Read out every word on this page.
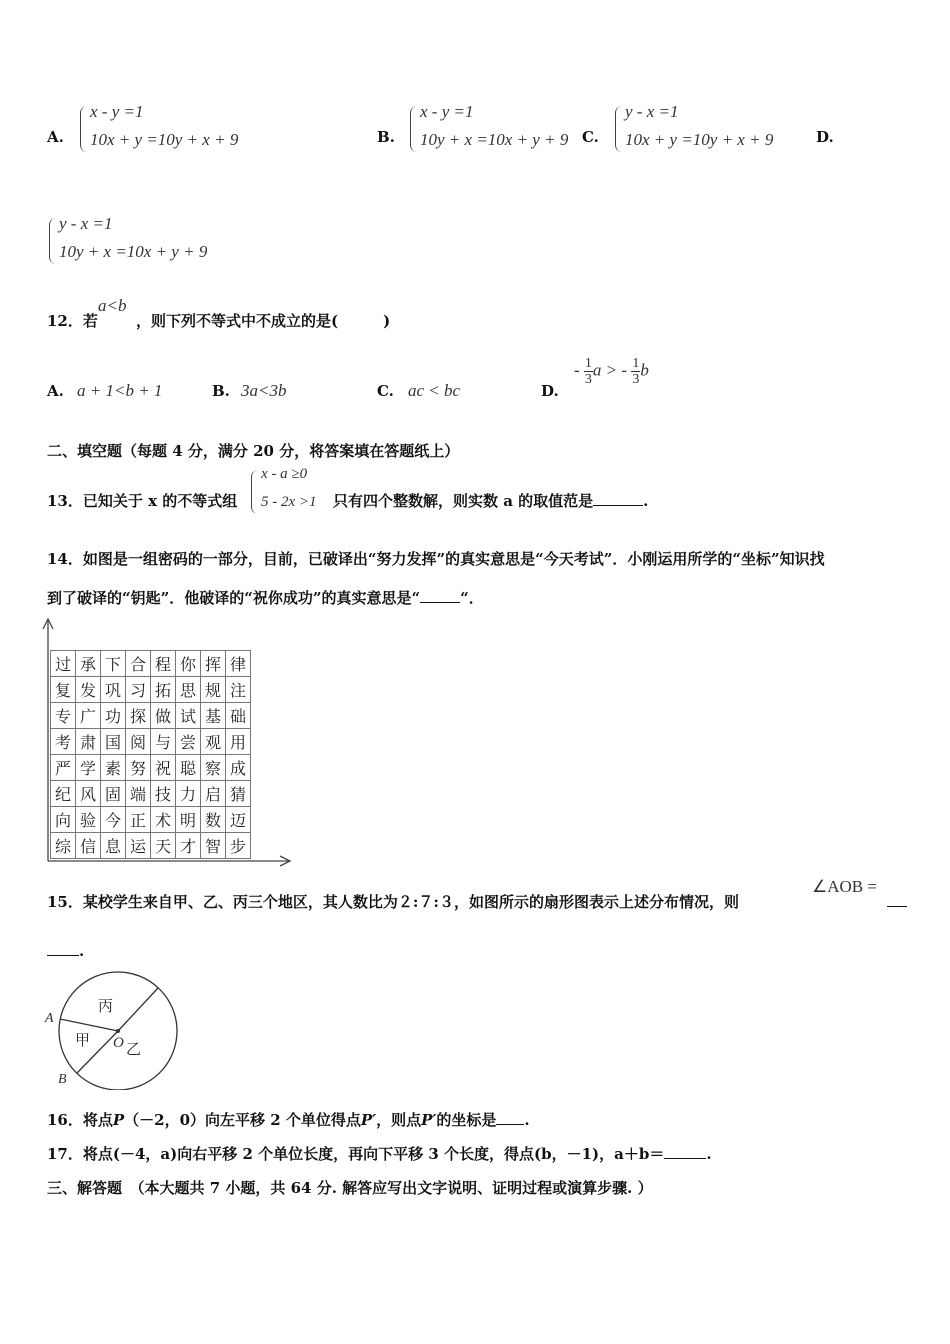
A.
x - y =1
10x + y =10y + x + 9	B.
x - y =1
10y + x =10x + y + 9 C.
y - x =1
10x + y =10y + x + 9	D.
y - x =1
10y + x =10x + y + 9
12．若
a<b
，则下列不等式中不成立的是(　　　)
A. a + 1<b + 1	B. 3a<3b	C. ac < bc	D.
- $\frac{1}{3}$ a > - $\frac{1}{3}$ b
二、填空题（每题 4 分，满分 20 分，将答案填在答题纸上）
13．已知关于 x 的不等式组
x - a ≥0
5 - 2x >1 只有四个整数解，则实数 a 的取值范是	.
14．如图是一组密码的一部分，目前，已破译出“努力发挥”的真实意思是“今天考试”．小刚运用所学的“坐标”知识找
到了破译的“钥匙”．他破译的“祝你成功”的真实意思是“	“．
过	承	下	合	程	你	挥	律
复	发	巩	习	拓	思	规	注
专	广	功	探	做	试	基	础
考	肃	国	阅	与	尝	观	用
严	学	素	努	祝	聪	察	成
纪	风	固	端	技	力	启	猜
向	验	今	正	术	明	数	迈
综	信	息	运	天	才	智	步
15．某校学生来自甲、乙、丙三个地区，其人数比为２:７:３，如图所示的扇形图表示上述分布情况，则
∠AOB =
.
A
B
O
丙
甲 乙
16．将点P（－2，0）向左平移 2 个单位得点P′，则点P′的坐标是 .
17．将点(－4，a)向右平移 2 个单位长度，再向下平移 3 个长度，得点(b，－1)，a＋b＝	.
三、解答题　（本大题共 7 小题，共 64 分. 解答应写出文字说明、证明过程或演算步骤. ）
